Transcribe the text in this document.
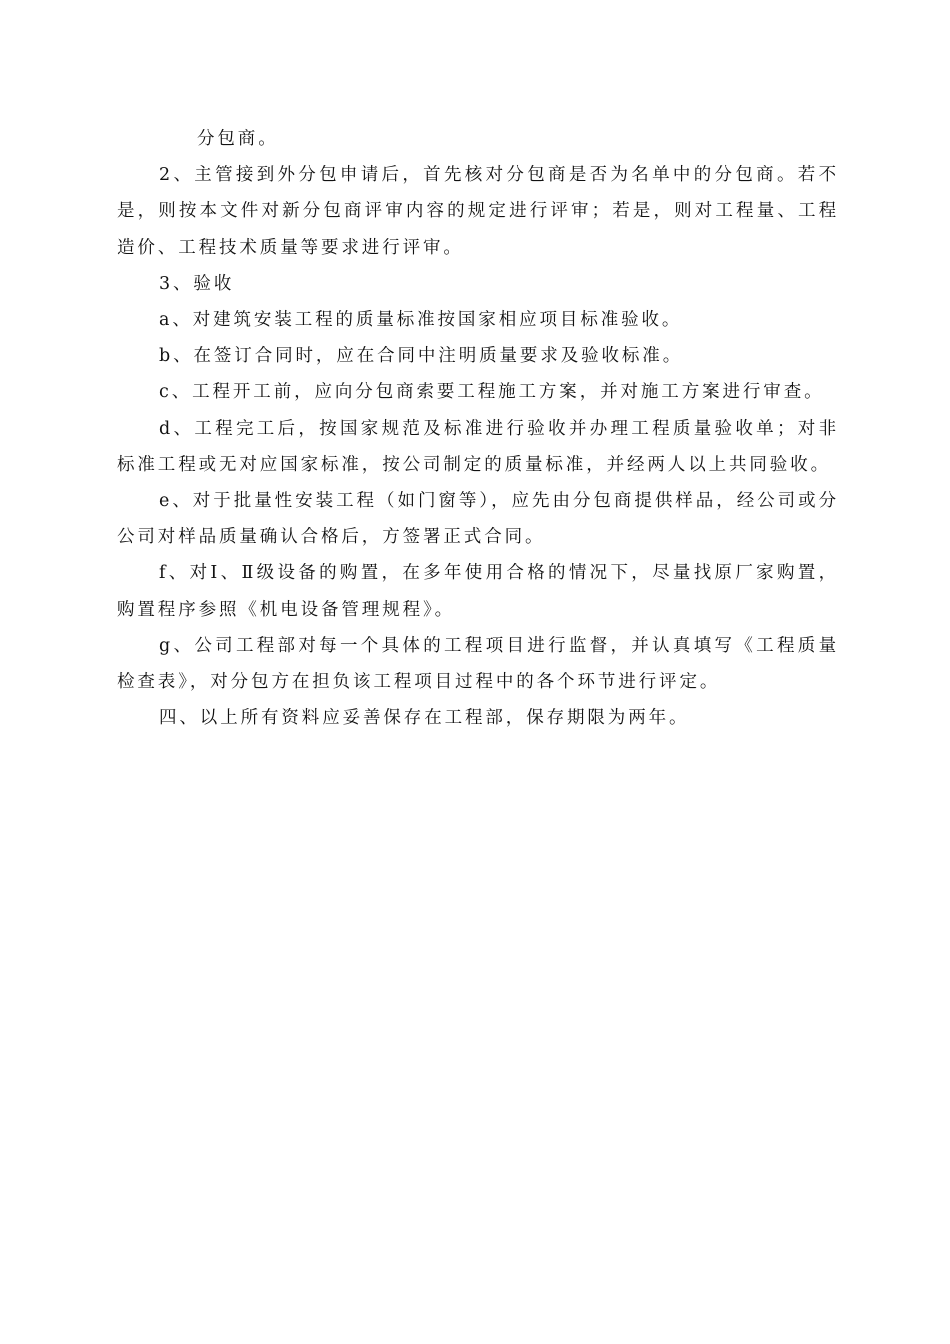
分包商。

2、主管接到外分包申请后，首先核对分包商是否为名单中的分包商。若不是，则按本文件对新分包商评审内容的规定进行评审；若是，则对工程量、工程造价、工程技术质量等要求进行评审。

3、验收

a、对建筑安装工程的质量标准按国家相应项目标准验收。

b、在签订合同时，应在合同中注明质量要求及验收标准。

c、工程开工前，应向分包商索要工程施工方案，并对施工方案进行审查。

d、工程完工后，按国家规范及标准进行验收并办理工程质量验收单；对非标准工程或无对应国家标准，按公司制定的质量标准，并经两人以上共同验收。

e、对于批量性安装工程（如门窗等），应先由分包商提供样品，经公司或分公司对样品质量确认合格后，方签署正式合同。

f、对Ⅰ、Ⅱ级设备的购置，在多年使用合格的情况下，尽量找原厂家购置，购置程序参照《机电设备管理规程》。

g、公司工程部对每一个具体的工程项目进行监督，并认真填写《工程质量检查表》，对分包方在担负该工程项目过程中的各个环节进行评定。

四、以上所有资料应妥善保存在工程部，保存期限为两年。
